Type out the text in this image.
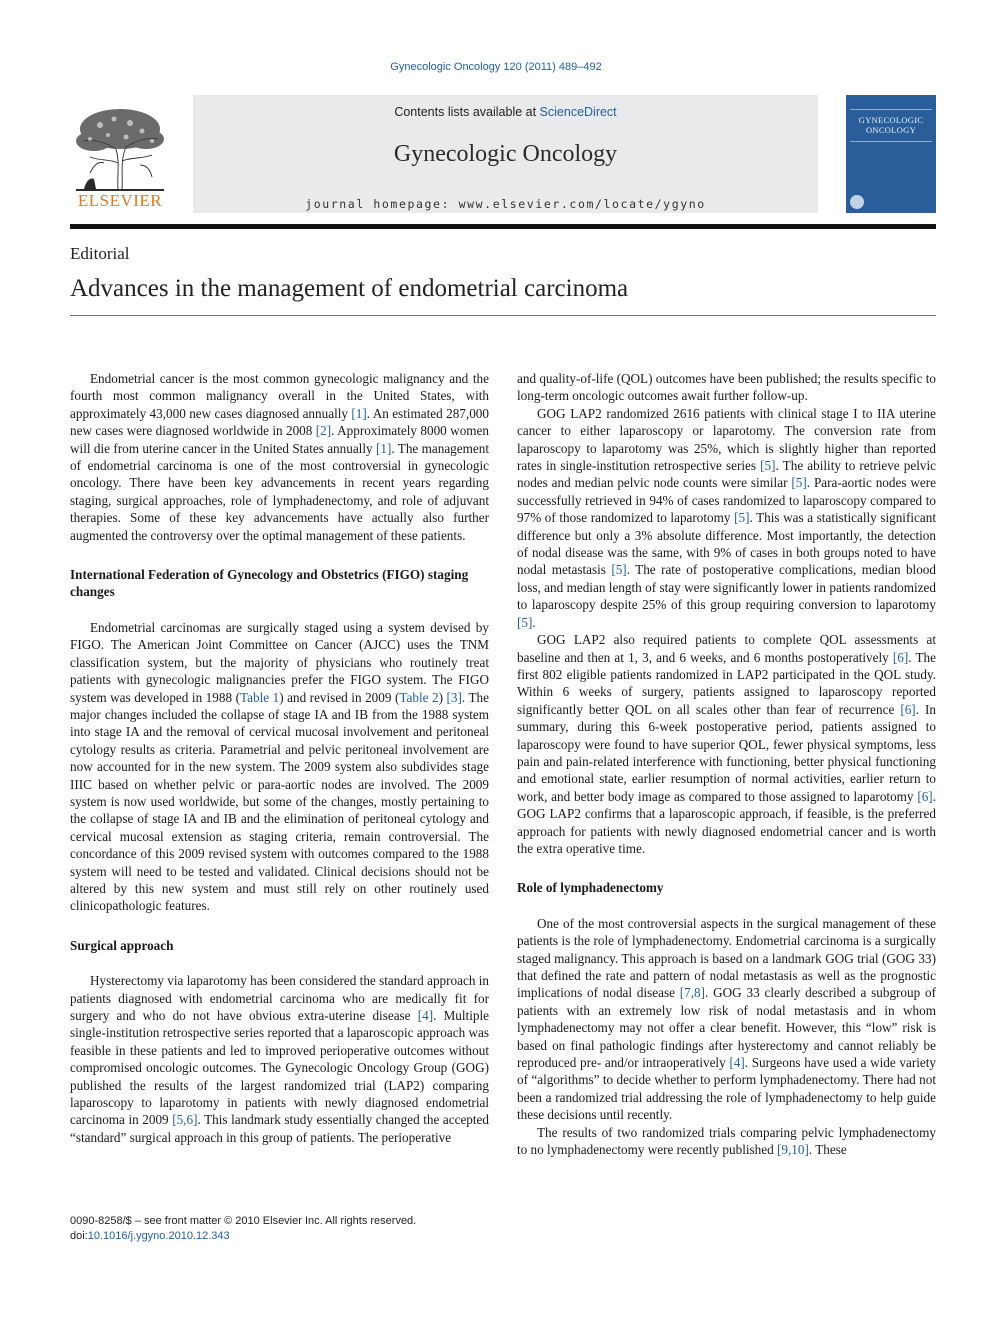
Gynecologic Oncology 120 (2011) 489–492
ELSEVIER
Contents lists available at ScienceDirect
Gynecologic Oncology
journal homepage: www.elsevier.com/locate/ygyno
GYNECOLOGIC
ONCOLOGY
Editorial
Advances in the management of endometrial carcinoma

Endometrial cancer is the most common gynecologic malignancy and the fourth most common malignancy overall in the United States, with approximately 43,000 new cases diagnosed annually [1]. An estimated 287,000 new cases were diagnosed worldwide in 2008 [2]. Approximately 8000 women will die from uterine cancer in the United States annually [1]. The management of endometrial carcinoma is one of the most controversial in gynecologic oncology. There have been key advancements in recent years regarding staging, surgical approaches, role of lymphadenectomy, and role of adjuvant therapies. Some of these key advancements have actually also further augmented the controversy over the optimal management of these patients.

International Federation of Gynecology and Obstetrics (FIGO) staging changes

Endometrial carcinomas are surgically staged using a system devised by FIGO. The American Joint Committee on Cancer (AJCC) uses the TNM classification system, but the majority of physicians who routinely treat patients with gynecologic malignancies prefer the FIGO system. The FIGO system was developed in 1988 (Table 1) and revised in 2009 (Table 2) [3]. The major changes included the collapse of stage IA and IB from the 1988 system into stage IA and the removal of cervical mucosal involvement and peritoneal cytology results as criteria. Parametrial and pelvic peritoneal involvement are now accounted for in the new system. The 2009 system also subdivides stage IIIC based on whether pelvic or para-aortic nodes are involved. The 2009 system is now used worldwide, but some of the changes, mostly pertaining to the collapse of stage IA and IB and the elimination of peritoneal cytology and cervical mucosal extension as staging criteria, remain controversial. The concordance of this 2009 revised system with outcomes compared to the 1988 system will need to be tested and validated. Clinical decisions should not be altered by this new system and must still rely on other routinely used clinicopathologic features.

Surgical approach

Hysterectomy via laparotomy has been considered the standard approach in patients diagnosed with endometrial carcinoma who are medically fit for surgery and who do not have obvious extra-uterine disease [4]. Multiple single-institution retrospective series reported that a laparoscopic approach was feasible in these patients and led to improved perioperative outcomes without compromised oncologic outcomes. The Gynecologic Oncology Group (GOG) published the results of the largest randomized trial (LAP2) comparing laparoscopy to laparotomy in patients with newly diagnosed endometrial carcinoma in 2009 [5,6]. This landmark study essentially changed the accepted “standard” surgical approach in this group of patients. The perioperative

and quality-of-life (QOL) outcomes have been published; the results specific to long-term oncologic outcomes await further follow-up.

GOG LAP2 randomized 2616 patients with clinical stage I to IIA uterine cancer to either laparoscopy or laparotomy. The conversion rate from laparoscopy to laparotomy was 25%, which is slightly higher than reported rates in single-institution retrospective series [5]. The ability to retrieve pelvic nodes and median pelvic node counts were similar [5]. Para-aortic nodes were successfully retrieved in 94% of cases randomized to laparoscopy compared to 97% of those randomized to laparotomy [5]. This was a statistically significant difference but only a 3% absolute difference. Most importantly, the detection of nodal disease was the same, with 9% of cases in both groups noted to have nodal metastasis [5]. The rate of postoperative complications, median blood loss, and median length of stay were significantly lower in patients randomized to laparoscopy despite 25% of this group requiring conversion to laparotomy [5].

GOG LAP2 also required patients to complete QOL assessments at baseline and then at 1, 3, and 6 weeks, and 6 months postoperatively [6]. The first 802 eligible patients randomized in LAP2 participated in the QOL study. Within 6 weeks of surgery, patients assigned to laparoscopy reported significantly better QOL on all scales other than fear of recurrence [6]. In summary, during this 6-week postoperative period, patients assigned to laparoscopy were found to have superior QOL, fewer physical symptoms, less pain and pain-related interference with functioning, better physical functioning and emotional state, earlier resumption of normal activities, earlier return to work, and better body image as compared to those assigned to laparotomy [6]. GOG LAP2 confirms that a laparoscopic approach, if feasible, is the preferred approach for patients with newly diagnosed endometrial cancer and is worth the extra operative time.

Role of lymphadenectomy

One of the most controversial aspects in the surgical management of these patients is the role of lymphadenectomy. Endometrial carcinoma is a surgically staged malignancy. This approach is based on a landmark GOG trial (GOG 33) that defined the rate and pattern of nodal metastasis as well as the prognostic implications of nodal disease [7,8]. GOG 33 clearly described a subgroup of patients with an extremely low risk of nodal metastasis and in whom lymphadenectomy may not offer a clear benefit. However, this “low” risk is based on final pathologic findings after hysterectomy and cannot reliably be reproduced pre- and/or intraoperatively [4]. Surgeons have used a wide variety of “algorithms” to decide whether to perform lymphadenectomy. There had not been a randomized trial addressing the role of lymphadenectomy to help guide these decisions until recently.

The results of two randomized trials comparing pelvic lymphadenectomy to no lymphadenectomy were recently published [9,10]. These

0090-8258/$ – see front matter © 2010 Elsevier Inc. All rights reserved.
doi:10.1016/j.ygyno.2010.12.343
